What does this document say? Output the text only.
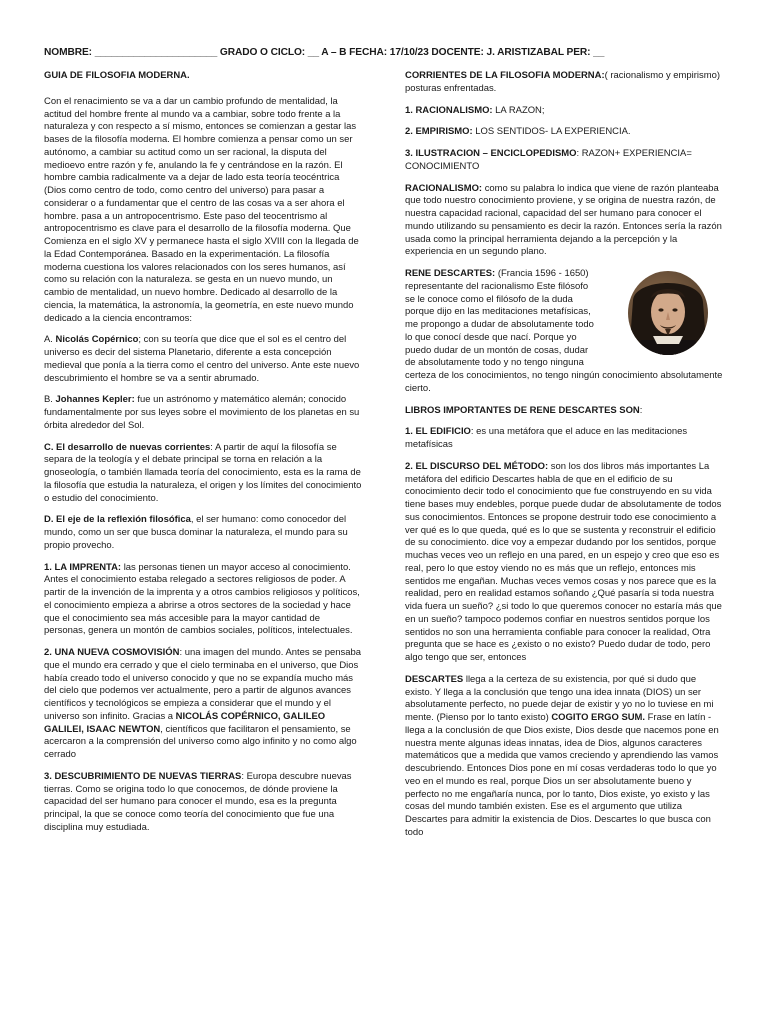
NOMBRE: ______________________ GRADO O CICLO: __ A – B FECHA: 17/10/23 DOCENTE: J. ARISTIZABAL PER: __

GUIA DE FILOSOFIA MODERNA.

Con el renacimiento se va a dar un cambio profundo de mentalidad, la actitud del hombre frente al mundo va a cambiar, sobre todo frente a la naturaleza y con respecto a sí mismo, entonces se comienzan a gestar las bases de la filosofía moderna. El hombre comienza a pensar como un ser autónomo, a cambiar su actitud como un ser racional, la disputa del medioevo entre razón y fe, anulando la fe y centrándose en la razón. El hombre cambia radicalmente va a dejar de lado esta teoría teocéntrica (Dios como centro de todo, como centro del universo) para pasar a considerar o a fundamentar que el centro de las cosas va a ser ahora el hombre. pasa a un antropocentrismo. Este paso del teocentrismo al antropocentrismo es clave para el desarrollo de la filosofía moderna. Que Comienza en el siglo XV y permanece hasta el siglo XVIII con la llegada de la Edad Contemporánea. Basado en la experimentación. La filosofía moderna cuestiona los valores relacionados con los seres humanos, así como su relación con la naturaleza. se gesta en un nuevo mundo, un cambio de mentalidad, un nuevo hombre. Dedicado al desarrollo de la ciencia, la matemática, la astronomía, la geometría, en este nuevo mundo dedicado a la ciencia encontramos:

A. Nicolás Copérnico; con su teoría que dice que el sol es el centro del universo es decir del sistema Planetario, diferente a esta concepción medieval que ponía a la tierra como el centro del universo. Ante este nuevo descubrimiento el hombre se va a sentir abrumado.

B. Johannes Kepler: fue un astrónomo y matemático alemán; conocido fundamentalmente por sus leyes sobre el movimiento de los planetas en su órbita alrededor del Sol.

C. El desarrollo de nuevas corrientes: A partir de aquí la filosofía se separa de la teología y el debate principal se torna en relación a la gnoseología, o también llamada teoría del conocimiento, esta es la rama de la filosofía que estudia la naturaleza, el origen y los límites del conocimiento o estudio del conocimiento.

D. El eje de la reflexión filosófica, el ser humano: como conocedor del mundo, como un ser que busca dominar la naturaleza, el mundo para su propio provecho.

1. LA IMPRENTA: las personas tienen un mayor acceso al conocimiento. Antes el conocimiento estaba relegado a sectores religiosos de poder. A partir de la invención de la imprenta y a otros cambios religiosos y políticos, el conocimiento empieza a abrirse a otros sectores de la sociedad y hace que el conocimiento sea más accesible para la mayor cantidad de personas, genera un montón de cambios sociales, políticos, intelectuales.

2. UNA NUEVA COSMOVISIÓN: una imagen del mundo. Antes se pensaba que el mundo era cerrado y que el cielo terminaba en el universo, que Dios había creado todo el universo conocido y que no se expandía mucho más del cielo que podemos ver actualmente, pero a partir de algunos avances científicos y tecnológicos se empieza a considerar que el mundo y el universo son infinito. Gracias a NICOLÁS COPÉRNICO, GALILEO GALILEI, ISAAC NEWTON, científicos que facilitaron el pensamiento, se acercaron a la comprensión del universo como algo infinito y no como algo cerrado

3. DESCUBRIMIENTO DE NUEVAS TIERRAS: Europa descubre nuevas tierras. Como se origina todo lo que conocemos, de dónde proviene la capacidad del ser humano para conocer el mundo, esa es la pregunta principal, la que se conoce como teoría del conocimiento que fue una disciplina muy estudiada.

CORRIENTES DE LA FILOSOFIA MODERNA:( racionalismo y empirismo) posturas enfrentadas.

1. RACIONALISMO: LA RAZON;

2. EMPIRISMO: LOS SENTIDOS- LA EXPERIENCIA.

3. ILUSTRACION – ENCICLOPEDISMO: RAZON+ EXPERIENCIA= CONOCIMIENTO

RACIONALISMO: como su palabra lo indica que viene de razón planteaba que todo nuestro conocimiento proviene, y se origina de nuestra razón, de nuestra capacidad racional, capacidad del ser humano para conocer el mundo utilizando su pensamiento es decir la razón. Entonces sería la razón usada como la principal herramienta dejando a la percepción y la experiencia en un segundo plano.

RENE DESCARTES: (Francia 1596 - 1650) representante del racionalismo Este filósofo se le conoce como el filósofo de la duda porque dijo en las meditaciones metafísicas, me propongo a dudar de absolutamente todo lo que conocí desde que nací. Porque yo puedo dudar de un montón de cosas, dudar de absolutamente todo y no tengo ninguna certeza de los conocimientos, no tengo ningún conocimiento absolutamente cierto.

LIBROS IMPORTANTES DE RENE DESCARTES SON:

1. EL EDIFICIO: es una metáfora que el aduce en las meditaciones metafísicas

2. EL DISCURSO DEL MÉTODO: son los dos libros más importantes La metáfora del edificio Descartes habla de que en el edificio de su conocimiento decir todo el conocimiento que fue construyendo en su vida tiene bases muy endebles, porque puede dudar de absolutamente de todos sus conocimientos. Entonces se propone destruir todo ese conocimiento a ver qué es lo que queda, qué es lo que se sustenta y reconstruir el edificio de su conocimiento. dice voy a empezar dudando por los sentidos, porque muchas veces veo un reflejo en una pared, en un espejo y creo que eso es real, pero lo que estoy viendo no es más que un reflejo, entonces mis sentidos me engañan. Muchas veces vemos cosas y nos parece que es la realidad, pero en realidad estamos soñando ¿Qué pasaría si toda nuestra vida fuera un sueño? ¿si todo lo que queremos conocer no estaría más que en un sueño? tampoco podemos confiar en nuestros sentidos porque los sentidos no son una herramienta confiable para conocer la realidad, Otra pregunta que se hace es ¿existo o no existo? Puedo dudar de todo, pero algo tengo que ser, entonces

DESCARTES llega a la certeza de su existencia, por qué si dudo que existo. Y llega a la conclusión que tengo una idea innata (DIOS) un ser absolutamente perfecto, no puede dejar de existir y yo no lo tuviese en mi mente. (Pienso por lo tanto existo) COGITO ERGO SUM. Frase en latín - llega a la conclusión de que Dios existe, Dios desde que nacemos pone en nuestra mente algunas ideas innatas, idea de Dios, algunos caracteres matemáticos que a medida que vamos creciendo y aprendiendo las vamos descubriendo. Entonces Dios pone en mí cosas verdaderas todo lo que yo veo en el mundo es real, porque Dios un ser absolutamente bueno y perfecto no me engañaría nunca, por lo tanto, Dios existe, yo existo y las cosas del mundo también existen. Ese es el argumento que utiliza Descartes para admitir la existencia de Dios. Descartes lo que busca con todo
